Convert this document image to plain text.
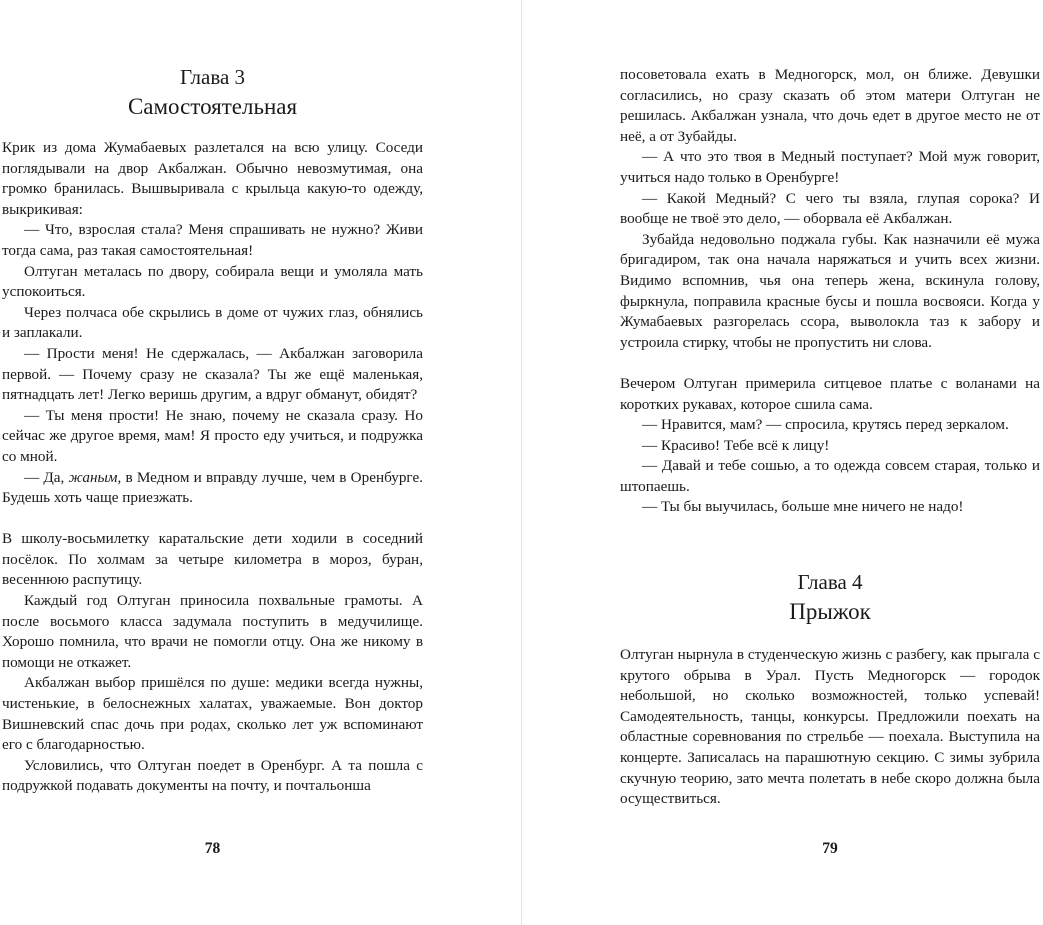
Глава 3
Самостоятельная

Крик из дома Жумабаевых разлетался на всю улицу. Соседи поглядывали на двор Акбалжан. Обычно невозмутимая, она громко бранилась. Вышвыривала с крыльца какую-то одежду, выкрикивая:

— Что, взрослая стала? Меня спрашивать не нужно? Живи тогда сама, раз такая самостоятельная!

Олтуган металась по двору, собирала вещи и умоляла мать успокоиться.

Через полчаса обе скрылись в доме от чужих глаз, обнялись и заплакали.

— Прости меня! Не сдержалась, — Акбалжан заговорила первой. — Почему сразу не сказала? Ты же ещё маленькая, пятнадцать лет! Легко веришь другим, а вдруг обманут, обидят?

— Ты меня прости! Не знаю, почему не сказала сразу. Но сейчас же другое время, мам! Я просто еду учиться, и подружка со мной.

— Да, жаным, в Медном и вправду лучше, чем в Оренбурге. Будешь хоть чаще приезжать.

В школу-восьмилетку каратальские дети ходили в соседний посёлок. По холмам за четыре километра в мороз, буран, весеннюю распутицу.

Каждый год Олтуган приносила похвальные грамоты. А после восьмого класса задумала поступить в медучилище. Хорошо помнила, что врачи не помогли отцу. Она же никому в помощи не откажет.

Акбалжан выбор пришёлся по душе: медики всегда нужны, чистенькие, в белоснежных халатах, уважаемые. Вон доктор Вишневский спас дочь при родах, сколько лет уж вспоминают его с благодарностью.

Условились, что Олтуган поедет в Оренбург. А та пошла с подружкой подавать документы на почту, и почтальонша

78

посоветовала ехать в Медногорск, мол, он ближе. Девушки согласились, но сразу сказать об этом матери Олтуган не решилась. Акбалжан узнала, что дочь едет в другое место не от неё, а от Зубайды.

— А что это твоя в Медный поступает? Мой муж говорит, учиться надо только в Оренбурге!

— Какой Медный? С чего ты взяла, глупая сорока? И вообще не твоё это дело, — оборвала её Акбалжан.

Зубайда недовольно поджала губы. Как назначили её мужа бригадиром, так она начала наряжаться и учить всех жизни. Видимо вспомнив, чья она теперь жена, вскинула голову, фыркнула, поправила красные бусы и пошла восвояси. Когда у Жумабаевых разгорелась ссора, выволокла таз к забору и устроила стирку, чтобы не пропустить ни слова.

Вечером Олтуган примерила ситцевое платье с воланами на коротких рукавах, которое сшила сама.

— Нравится, мам? — спросила, крутясь перед зеркалом.

— Красиво! Тебе всё к лицу!

— Давай и тебе сошью, а то одежда совсем старая, только и штопаешь.

— Ты бы выучилась, больше мне ничего не надо!

Глава 4
Прыжок

Олтуган нырнула в студенческую жизнь с разбегу, как прыгала с крутого обрыва в Урал. Пусть Медногорск — городок небольшой, но сколько возможностей, только успевай! Самодеятельность, танцы, конкурсы. Предложили поехать на областные соревнования по стрельбе — поехала. Выступила на концерте. Записалась на парашютную секцию. С зимы зубрила скучную теорию, зато мечта полетать в небе скоро должна была осуществиться.

79
